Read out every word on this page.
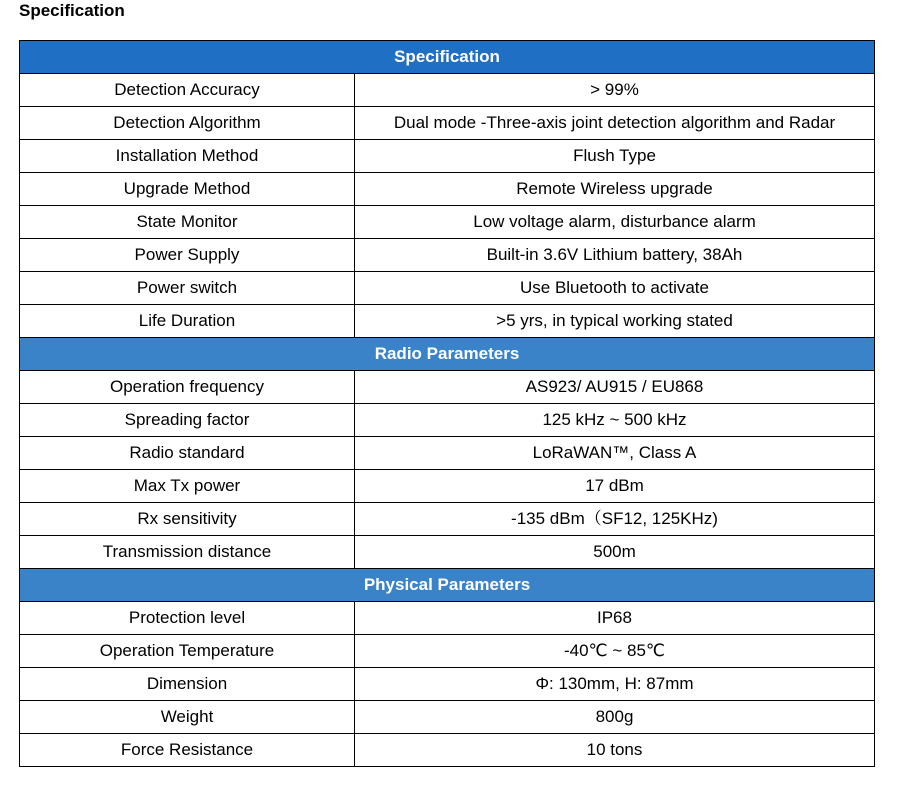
Specification
Specification	
Detection Accuracy	> 99%
Detection Algorithm	Dual mode -Three-axis joint detection algorithm and Radar
Installation Method	Flush Type
Upgrade Method	Remote Wireless upgrade
State Monitor	Low voltage alarm, disturbance alarm
Power Supply	Built-in 3.6V Lithium battery, 38Ah
Power switch	Use Bluetooth to activate
Life Duration	>5 yrs, in typical working stated
Radio Parameters	
Operation frequency	AS923/ AU915 / EU868
Spreading factor	125 kHz ~ 500 kHz
Radio standard	LoRaWAN™, Class A
Max Tx power	17 dBm
Rx sensitivity	-135 dBm（SF12, 125KHz)
Transmission distance	500m
Physical Parameters	
Protection level	IP68
Operation Temperature	-40℃ ~ 85℃
Dimension	Φ: 130mm, H: 87mm
Weight	800g
Force Resistance	10 tons
